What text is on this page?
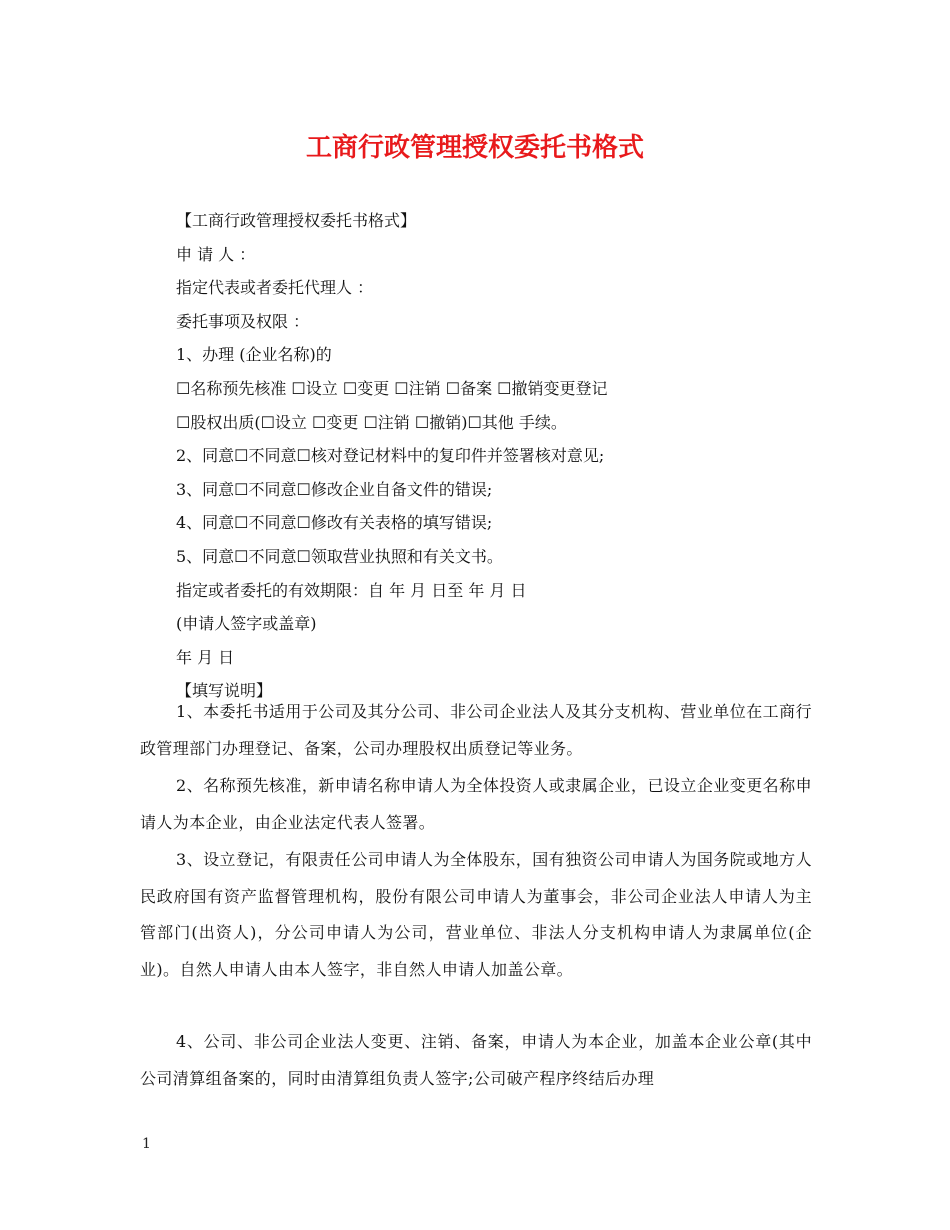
工商行政管理授权委托书格式
【工商行政管理授权委托书格式】
申 请 人 ：
指定代表或者委托代理人 ：
委托事项及权限 ：
1、办理 (企业名称)的
☐名称预先核准 ☐设立 ☐变更 ☐注销 ☐备案 ☐撤销变更登记
☐股权出质(☐设立 ☐变更 ☐注销 ☐撤销)☐其他 手续。
2、同意☐不同意☐核对登记材料中的复印件并签署核对意见;
3、同意☐不同意☐修改企业自备文件的错误;
4、同意☐不同意☐修改有关表格的填写错误;
5、同意☐不同意☐领取营业执照和有关文书。
指定或者委托的有效期限：自 年 月 日至 年 月 日
(申请人签字或盖章)
年 月 日
【填写说明】

1、本委托书适用于公司及其分公司、非公司企业法人及其分支机构、营业单位在工商行政管理部门办理登记、备案，公司办理股权出质登记等业务。

2、名称预先核准，新申请名称申请人为全体投资人或隶属企业，已设立企业变更名称申请人为本企业，由企业法定代表人签署。

3、设立登记，有限责任公司申请人为全体股东，国有独资公司申请人为国务院或地方人民政府国有资产监督管理机构，股份有限公司申请人为董事会，非公司企业法人申请人为主管部门(出资人)，分公司申请人为公司，营业单位、非法人分支机构申请人为隶属单位(企业)。自然人申请人由本人签字，非自然人申请人加盖公章。

4、公司、非公司企业法人变更、注销、备案，申请人为本企业，加盖本企业公章(其中公司清算组备案的，同时由清算组负责人签字;公司破产程序终结后办理

1
